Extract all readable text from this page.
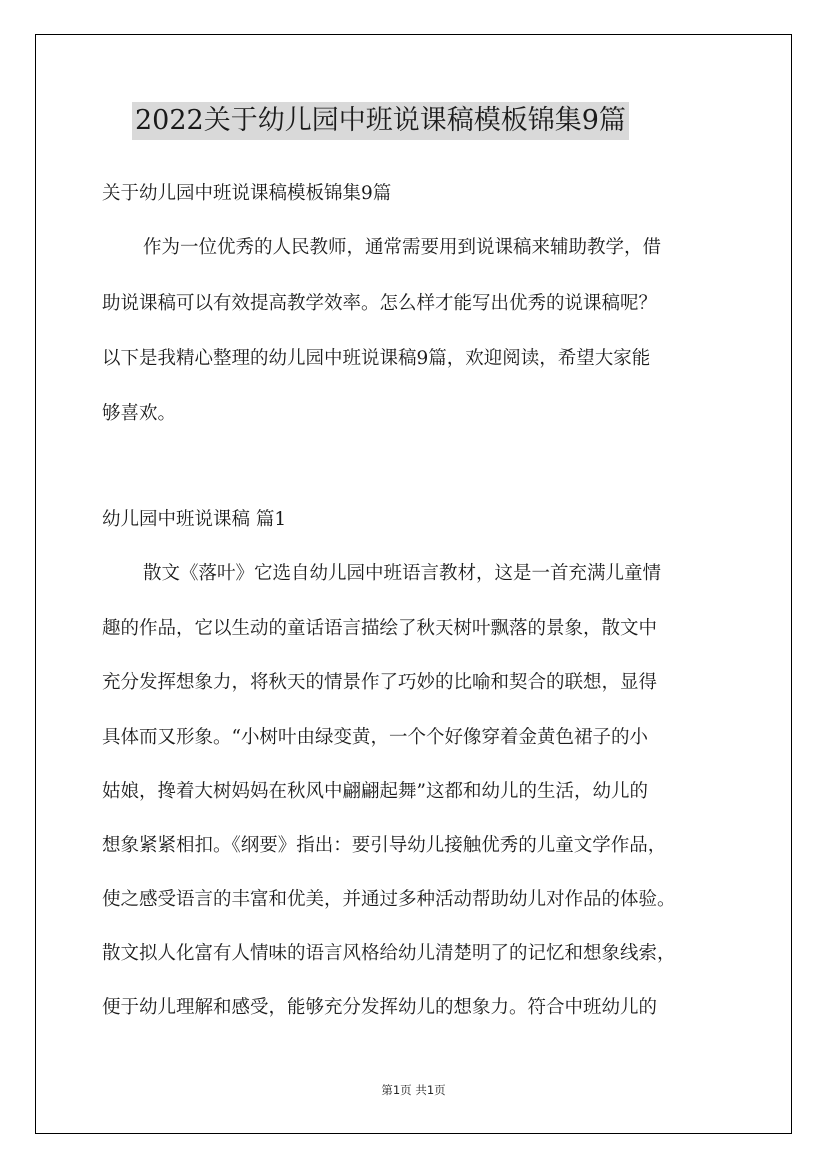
2022关于幼儿园中班说课稿模板锦集9篇
关于幼儿园中班说课稿模板锦集9篇
作为一位优秀的人民教师，通常需要用到说课稿来辅助教学，借
助说课稿可以有效提高教学效率。怎么样才能写出优秀的说课稿呢？
以下是我精心整理的幼儿园中班说课稿9篇，欢迎阅读，希望大家能
够喜欢。
幼儿园中班说课稿 篇1
散文《落叶》它选自幼儿园中班语言教材，这是一首充满儿童情
趣的作品，它以生动的童话语言描绘了秋天树叶飘落的景象，散文中
充分发挥想象力，将秋天的情景作了巧妙的比喻和契合的联想，显得
具体而又形象。“小树叶由绿变黄，一个个好像穿着金黄色裙子的小
姑娘，搀着大树妈妈在秋风中翩翩起舞”这都和幼儿的生活，幼儿的
想象紧紧相扣。《纲要》指出：要引导幼儿接触优秀的儿童文学作品，
使之感受语言的丰富和优美，并通过多种活动帮助幼儿对作品的体验。
散文拟人化富有人情味的语言风格给幼儿清楚明了的记忆和想象线索，
便于幼儿理解和感受，能够充分发挥幼儿的想象力。符合中班幼儿的
第1页 共1页
